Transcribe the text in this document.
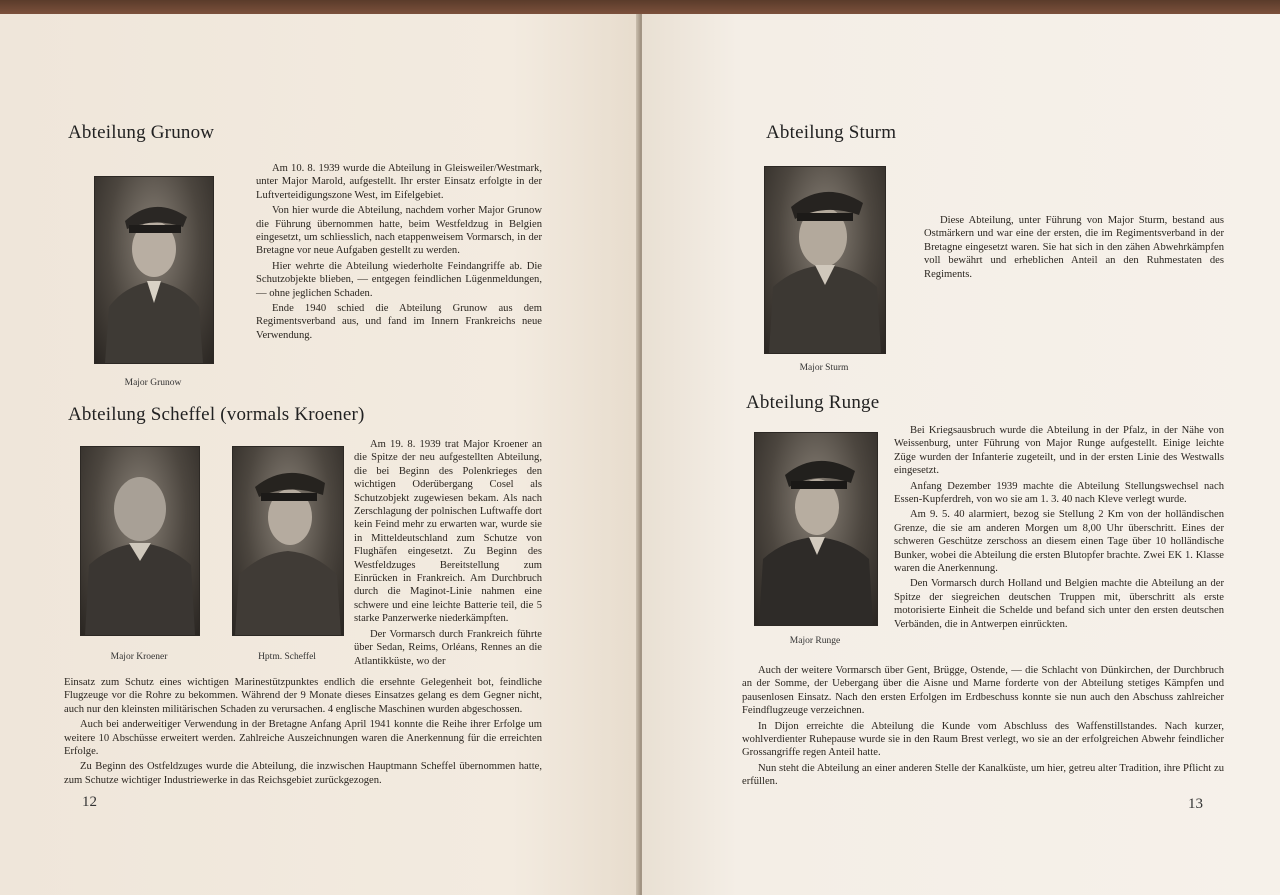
Abteilung Grunow
Major Grunow

Am 10. 8. 1939 wurde die Abteilung in Gleisweiler/Westmark, unter Major Marold, aufgestellt. Ihr erster Einsatz erfolgte in der Luftverteidigungszone West, im Eifelgebiet.

Von hier wurde die Abteilung, nachdem vorher Major Grunow die Führung übernommen hatte, beim Westfeldzug in Belgien eingesetzt, um schliesslich, nach etappenweisem Vormarsch, in der Bretagne vor neue Aufgaben gestellt zu werden.

Hier wehrte die Abteilung wiederholte Feindangriffe ab. Die Schutzobjekte blieben, — entgegen feindlichen Lügenmeldungen, — ohne jeglichen Schaden.

Ende 1940 schied die Abteilung Grunow aus dem Regimentsverband aus, und fand im Innern Frankreichs neue Verwendung.

Abteilung Scheffel (vormals Kroener)
Major Kroener	Hptm. Scheffel

Am 19. 8. 1939 trat Major Kroener an die Spitze der neu aufgestellten Abteilung, die bei Beginn des Polenkrieges den wichtigen Oderübergang Cosel als Schutzobjekt zugewiesen bekam. Als nach Zerschlagung der polnischen Luftwaffe dort kein Feind mehr zu erwarten war, wurde sie in Mitteldeutschland zum Schutze von Flughäfen eingesetzt. Zu Beginn des Westfeldzuges Bereitstellung zum Einrücken in Frankreich. Am Durchbruch durch die Maginot-Linie nahmen eine schwere und eine leichte Batterie teil, die 5 starke Panzerwerke niederkämpften.

Der Vormarsch durch Frankreich führte über Sedan, Reims, Orléans, Rennes an die Atlantikküste, wo der

Einsatz zum Schutz eines wichtigen Marinestützpunktes endlich die ersehnte Gelegenheit bot, feindliche Flugzeuge vor die Rohre zu bekommen. Während der 9 Monate dieses Einsatzes gelang es dem Gegner nicht, auch nur den kleinsten militärischen Schaden zu verursachen. 4 englische Maschinen wurden abgeschossen.

Auch bei anderweitiger Verwendung in der Bretagne Anfang April 1941 konnte die Reihe ihrer Erfolge um weitere 10 Abschüsse erweitert werden. Zahlreiche Auszeichnungen waren die Anerkennung für die erreichten Erfolge.

Zu Beginn des Ostfeldzuges wurde die Abteilung, die inzwischen Hauptmann Scheffel übernommen hatte, zum Schutze wichtiger Industriewerke in das Reichsgebiet zurückgezogen.

12
Abteilung Sturm
Major Sturm

Diese Abteilung, unter Führung von Major Sturm, bestand aus Ostmärkern und war eine der ersten, die im Regimentsverband in der Bretagne eingesetzt waren. Sie hat sich in den zähen Abwehrkämpfen voll bewährt und erheblichen Anteil an den Ruhmestaten des Regiments.

Abteilung Runge
Major Runge

Bei Kriegsausbruch wurde die Abteilung in der Pfalz, in der Nähe von Weissenburg, unter Führung von Major Runge aufgestellt. Einige leichte Züge wurden der Infanterie zugeteilt, und in der ersten Linie des Westwalls eingesetzt.

Anfang Dezember 1939 machte die Abteilung Stellungswechsel nach Essen-Kupferdreh, von wo sie am 1. 3. 40 nach Kleve verlegt wurde.

Am 9. 5. 40 alarmiert, bezog sie Stellung 2 Km von der holländischen Grenze, die sie am anderen Morgen um 8,00 Uhr überschritt. Eines der schweren Geschütze zerschoss an diesem einen Tage über 10 holländische Bunker, wobei die Abteilung die ersten Blutopfer brachte. Zwei EK 1. Klasse waren die Anerkennung.

Den Vormarsch durch Holland und Belgien machte die Abteilung an der Spitze der siegreichen deutschen Truppen mit, überschritt als erste motorisierte Einheit die Schelde und befand sich unter den ersten deutschen Verbänden, die in Antwerpen einrückten.

Auch der weitere Vormarsch über Gent, Brügge, Ostende, — die Schlacht von Dünkirchen, der Durchbruch an der Somme, der Uebergang über die Aisne und Marne forderte von der Abteilung stetiges Kämpfen und pausenlosen Einsatz. Nach den ersten Erfolgen im Erdbeschuss konnte sie nun auch den Abschuss zahlreicher Feindflugzeuge verzeichnen.

In Dijon erreichte die Abteilung die Kunde vom Abschluss des Waffenstillstandes. Nach kurzer, wohlverdienter Ruhepause wurde sie in den Raum Brest verlegt, wo sie an der erfolgreichen Abwehr feindlicher Grossangriffe regen Anteil hatte.

Nun steht die Abteilung an einer anderen Stelle der Kanalküste, um hier, getreu alter Tradition, ihre Pflicht zu erfüllen.

13
